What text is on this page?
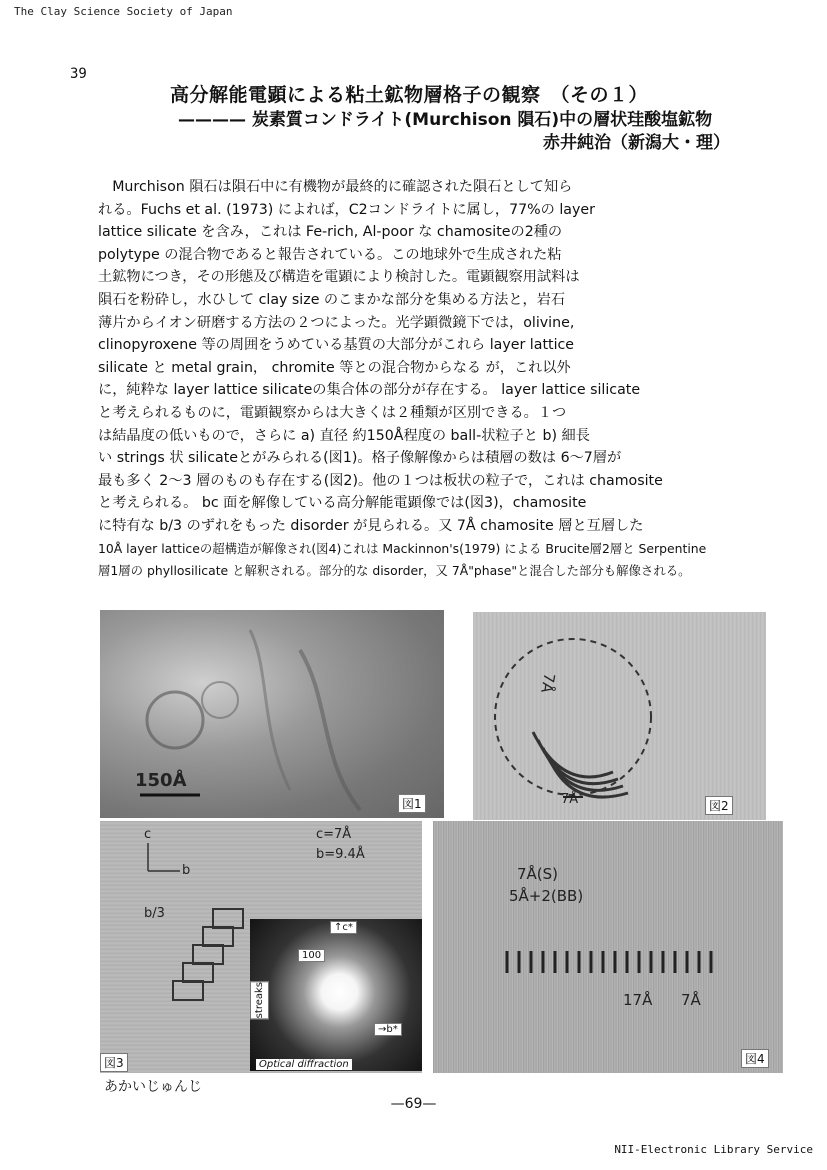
The Clay Science Society of Japan
39
高分解能電顕による粘土鉱物層格子の観察　（その１）
———— 炭素質コンドライト(Murchison 隕石)中の層状珪酸塩鉱物
赤井純治（新潟大・理）
　Murchison 隕石は隕石中に有機物が最終的に確認された隕石として知ら
れる。Fuchs et al. (1973) によれば，C2コンドライトに属し，77%の layer
lattice silicate を含み，これは Fe-rich, Al-poor な chamositeの2種の
polytype の混合物であると報告されている。この地球外で生成された粘
土鉱物につき，その形態及び構造を電顕により検討した。電顕観察用試料は
隕石を粉砕し，水ひして clay size のこまかな部分を集める方法と，岩石
薄片からイオン研磨する方法の２つによった。光学顕微鏡下では，olivine,
clinopyroxene 等の周囲をうめている基質の大部分がこれら layer lattice
silicate と metal grain， chromite 等との混合物からなる が，これ以外
に，純粋な layer lattice silicateの集合体の部分が存在する。 layer lattice silicate
と考えられるものに，電顕観察からは大きくは２種類が区別できる。１つ
は結晶度の低いもので，さらに a) 直径 約150Å程度の ball-状粒子と b) 細長
い strings 状 silicateとがみられる(図1)。格子像解像からは積層の数は 6～7層が
最も多く 2～3 層のものも存在する(図2)。他の１つは板状の粒子で，これは chamosite
と考えられる。 bc 面を解像している高分解能電顕像では(図3)，chamosite
に特有な b/3 のずれをもった disorder が見られる。又 7Å chamosite 層と互層した
10Å layer latticeの超構造が解像され(図4)これは Mackinnon's(1979) による Brucite層2層と Serpentine
層1層の phyllosilicate と解釈される。部分的な disorder，又 7Å"phase"と混合した部分も解像される。
150Å
図1
7Å
7Å	図2
c
b
c=7Å
b=9.4Å
b/3
↑c*
100
→b*
streaks
Optical diffraction
図3
7Å(S)
5Å+2(BB)
17Å 7Å
図4
あかいじゅんじ
—69—
NII-Electronic Library Service
